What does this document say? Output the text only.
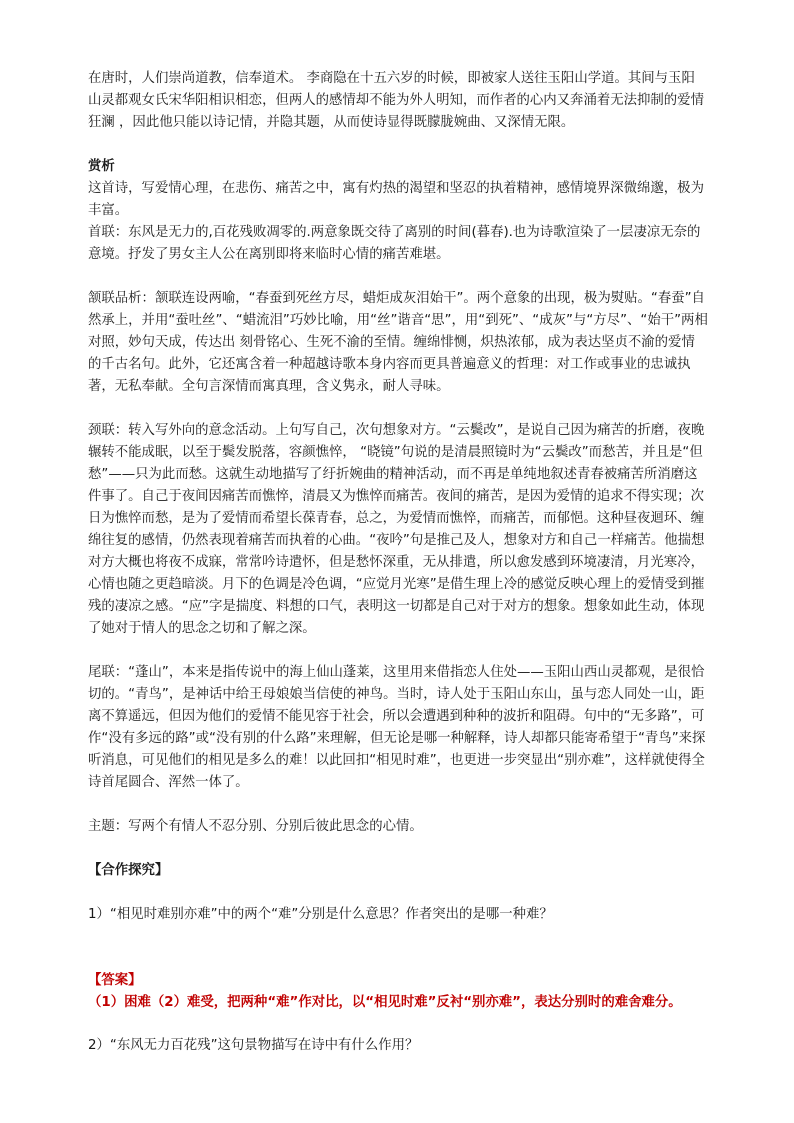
在唐时，人们崇尚道教，信奉道术。 李商隐在十五六岁的时候，即被家人送往玉阳山学道。其间与玉阳山灵都观女氏宋华阳相识相恋，但两人的感情却不能为外人明知，而作者的心内又奔涌着无法抑制的爱情狂澜 ，因此他只能以诗记情，并隐其题，从而使诗显得既朦胧婉曲、又深情无限。

赏析

这首诗，写爱情心理，在悲伤、痛苦之中，寓有灼热的渴望和坚忍的执着精神，感情境界深微绵邈，极为丰富。

首联：东风是无力的,百花残败凋零的.两意象既交待了离别的时间(暮春).也为诗歌渲染了一层凄凉无奈的意境。抒发了男女主人公在离别即将来临时心情的痛苦难堪。

颔联品析：颔联连设两喻，“春蚕到死丝方尽，蜡炬成灰泪始干”。两个意象的出现，极为熨贴。“春蚕”自然承上，并用“蚕吐丝”、“蜡流泪”巧妙比喻，用“丝”谐音“思”，用“到死”、“成灰”与“方尽”、“始干”两相对照，妙句天成，传达出 刻骨铭心、生死不渝的至情。缠绵悱恻，炽热浓郁，成为表达坚贞不渝的爱情的千古名句。此外，它还寓含着一种超越诗歌本身内容而更具普遍意义的哲理：对工作或事业的忠诚执著，无私奉献。全句言深情而寓真理，含义隽永，耐人寻味。

颈联：转入写外向的意念活动。上句写自己，次句想象对方。“云鬓改”，是说自己因为痛苦的折磨，夜晚辗转不能成眠，以至于鬓发脱落，容颜憔悴， “晓镜”句说的是清晨照镜时为“云鬓改”而愁苦，并且是“但愁”——只为此而愁。这就生动地描写了纡折婉曲的精神活动，而不再是单纯地叙述青春被痛苦所消磨这件事了。自己于夜间因痛苦而憔悴，清晨又为憔悴而痛苦。夜间的痛苦，是因为爱情的追求不得实现；次日为憔悴而愁，是为了爱情而希望长葆青春，总之，为爱情而憔悴，而痛苦，而郁悒。这种昼夜迴环、缠绵往复的感情，仍然表现着痛苦而执着的心曲。“夜吟”句是推己及人，想象对方和自己一样痛苦。他揣想对方大概也将夜不成寐，常常吟诗遣怀，但是愁怀深重，无从排遣，所以愈发感到环境凄清，月光寒冷，心情也随之更趋暗淡。月下的色调是冷色调，“应觉月光寒”是借生理上冷的感觉反映心理上的爱情受到摧残的凄凉之感。“应”字是揣度、料想的口气，表明这一切都是自己对于对方的想象。想象如此生动，体现了她对于情人的思念之切和了解之深。

尾联：“蓬山”，本来是指传说中的海上仙山蓬莱，这里用来借指恋人住处——玉阳山西山灵都观，是很恰切的。“青鸟”，是神话中给王母娘娘当信使的神鸟。当时，诗人处于玉阳山东山，虽与恋人同处一山，距离不算遥远，但因为他们的爱情不能见容于社会，所以会遭遇到种种的波折和阻碍。句中的“无多路”，可作“没有多远的路”或“没有别的什么路”来理解，但无论是哪一种解释，诗人却都只能寄希望于“青鸟”来探听消息，可见他们的相见是多么的难！以此回扣“相见时难”，也更进一步突显出“别亦难”，这样就使得全诗首尾圆合、浑然一体了。

主题：写两个有情人不忍分别、分别后彼此思念的心情。

【合作探究】

1）“相见时难别亦难”中的两个“难”分别是什么意思？作者突出的是哪一种难？

【答案】

（1）困难（2）难受，把两种“难”作对比，以“相见时难”反衬“别亦难”，表达分别时的难舍难分。

2）“东风无力百花残”这句景物描写在诗中有什么作用？
